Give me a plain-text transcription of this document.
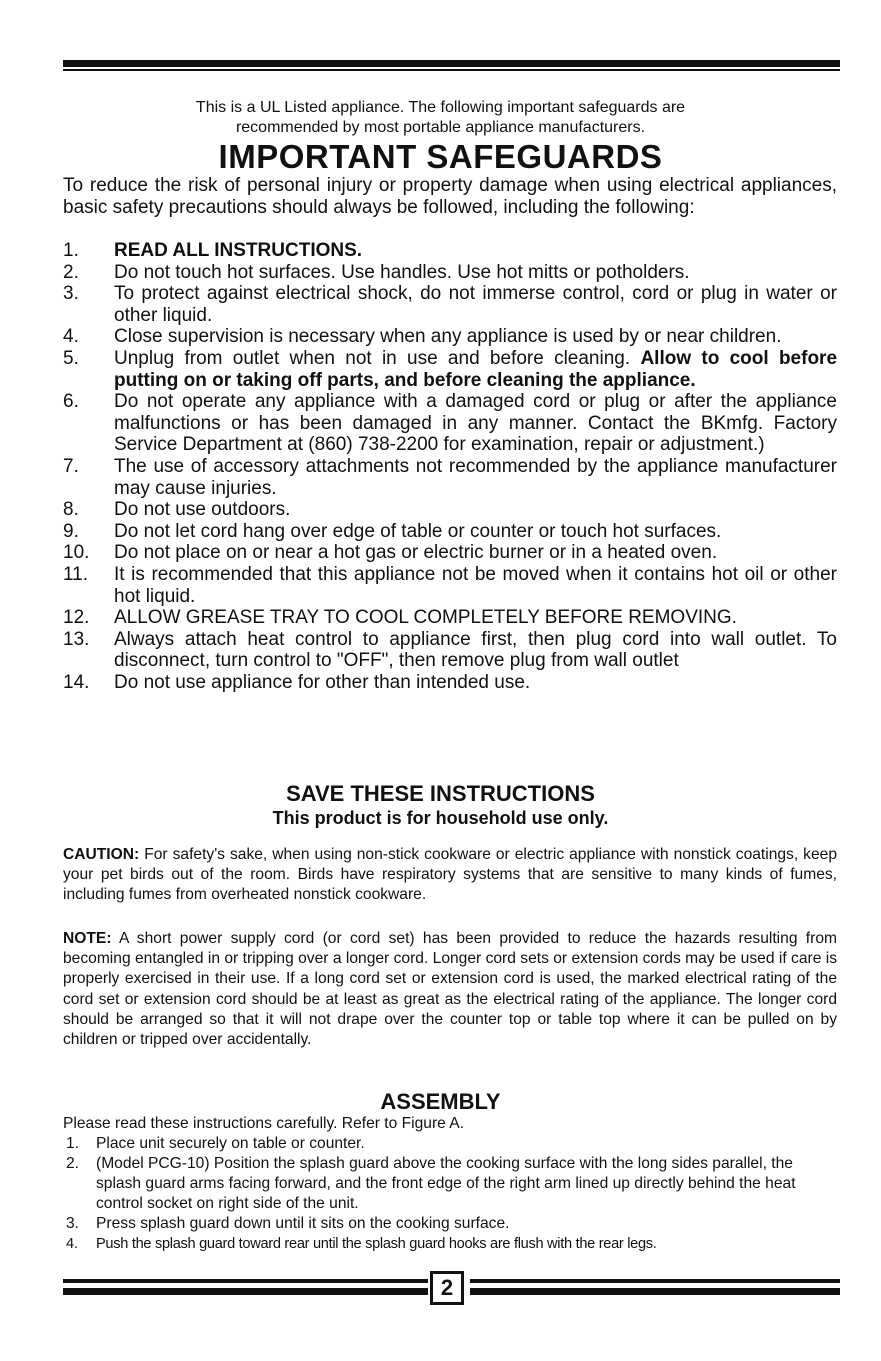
This is a UL Listed appliance. The following important safeguards are
recommended by most portable appliance manufacturers.
IMPORTANT SAFEGUARDS
To reduce the risk of personal injury or property damage when using electrical appliances, basic safety precautions should always be followed, including the following:
1. READ ALL INSTRUCTIONS.
2. Do not touch hot surfaces. Use handles. Use hot mitts or potholders.
3. To protect against electrical shock, do not immerse control, cord or plug in water or other liquid.
4. Close supervision is necessary when any appliance is used by or near children.
5. Unplug from outlet when not in use and before cleaning. Allow to cool before putting on or taking off parts, and before cleaning the appliance.
6. Do not operate any appliance with a damaged cord or plug or after the appliance malfunctions or has been damaged in any manner. Contact the BKmfg. Factory Service Department at (860) 738-2200 for examination, repair or adjustment.)
7. The use of accessory attachments not recommended by the appliance manufacturer may cause injuries.
8. Do not use outdoors.
9. Do not let cord hang over edge of table or counter or touch hot surfaces.
10. Do not place on or near a hot gas or electric burner or in a heated oven.
11. It is recommended that this appliance not be moved when it contains hot oil or other hot liquid.
12. ALLOW GREASE TRAY TO COOL COMPLETELY BEFORE REMOVING.
13. Always attach heat control to appliance first, then plug cord into wall outlet. To disconnect, turn control to "OFF", then remove plug from wall outlet
14. Do not use appliance for other than intended use.
SAVE THESE INSTRUCTIONS
This product is for household use only.
CAUTION: For safety's sake, when using non-stick cookware or electric appliance with nonstick coatings, keep your pet birds out of the room. Birds have respiratory systems that are sensitive to many kinds of fumes, including fumes from overheated nonstick cookware.
NOTE: A short power supply cord (or cord set) has been provided to reduce the hazards resulting from becoming entangled in or tripping over a longer cord. Longer cord sets or extension cords may be used if care is properly exercised in their use. If a long cord set or extension cord is used, the marked electrical rating of the cord set or extension cord should be at least as great as the electrical rating of the appliance. The longer cord should be arranged so that it will not drape over the counter top or table top where it can be pulled on by children or tripped over accidentally.
ASSEMBLY
Please read these instructions carefully. Refer to Figure A.
1. Place unit securely on table or counter.
2. (Model PCG-10) Position the splash guard above the cooking surface with the long sides parallel, the splash guard arms facing forward, and the front edge of the right arm lined up directly behind the heat control socket on right side of the unit.
3. Press splash guard down until it sits on the cooking surface.
4. Push the splash guard toward rear until the splash guard hooks are flush with the rear legs.
2
